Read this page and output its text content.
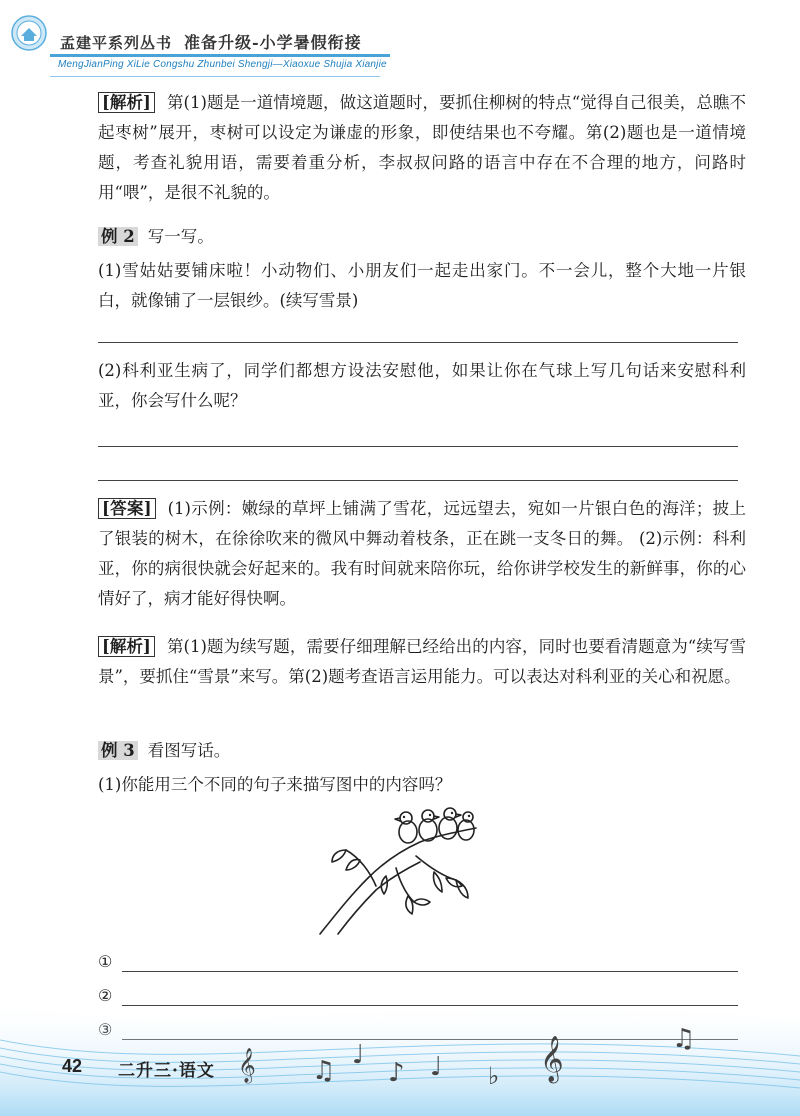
孟建平系列丛书 准备升级-小学暑假衔接
MengJianPing XiLie Congshu Zhunbei Shengji—Xiaoxue Shujia Xianjie
[解析] 第(1)题是一道情境题，做这道题时，要抓住柳树的特点“觉得自己很美，总瞧不起枣树”展开，枣树可以设定为谦虚的形象，即使结果也不夸耀。第(2)题也是一道情境题，考查礼貌用语，需要着重分析，李叔叔问路的语言中存在不合理的地方，问路时用“喂”，是很不礼貌的。
例 2 写一写。
(1)雪姑姑要铺床啦！小动物们、小朋友们一起走出家门。不一会儿，整个大地一片银白，就像铺了一层银纱。(续写雪景)
(2)科利亚生病了，同学们都想方设法安慰他，如果让你在气球上写几句话来安慰科利亚，你会写什么呢？
[答案] (1)示例：嫩绿的草坪上铺满了雪花，远远望去，宛如一片银白色的海洋；披上了银装的树木，在徐徐吹来的微风中舞动着枝条，正在跳一支冬日的舞。 (2)示例：科利亚，你的病很快就会好起来的。我有时间就来陪你玩，给你讲学校发生的新鲜事，你的心情好了，病才能好得快啊。
[解析] 第(1)题为续写题，需要仔细理解已经给出的内容，同时也要看清题意为“续写雪景”，要抓住“雪景”来写。第(2)题考查语言运用能力。可以表达对科利亚的关心和祝愿。
例 3 看图写话。
(1)你能用三个不同的句子来描写图中的内容吗？
①
②
42 二升三·语文 𝄞 ♫
♩
♪ ♩ ♭ 𝄞	♫
